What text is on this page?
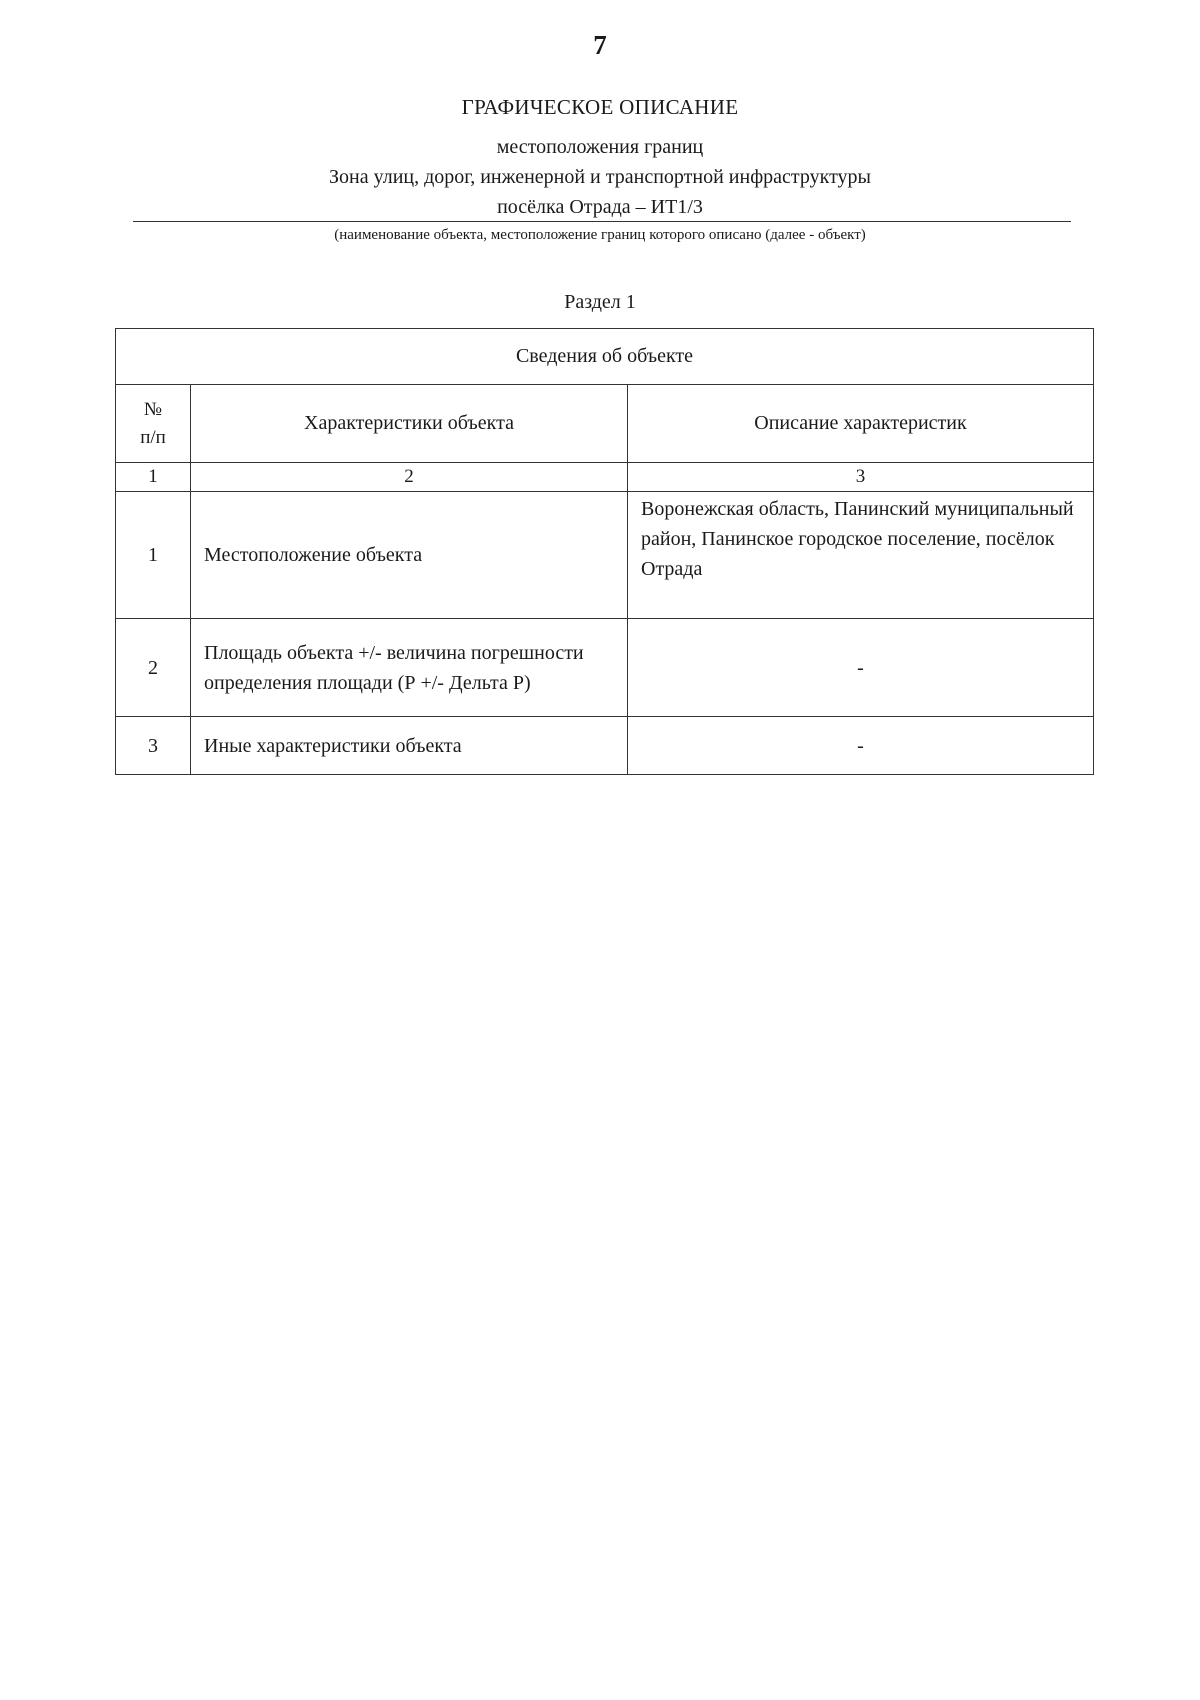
7
ГРАФИЧЕСКОЕ ОПИСАНИЕ
местоположения границ
Зона улиц, дорог, инженерной и транспортной инфраструктуры
посёлка Отрада – ИТ1/3
(наименование объекта, местоположение границ которого описано (далее - объект)
Раздел 1
Сведения об объекте		

№
п/п	Характеристики объекта	Описание характеристик
1	2	3
1	Местоположение объекта	Воронежская область, Панинский муниципальный район, Панинское городское поселение, посёлок Отрада
2	Площадь объекта +/- величина погрешности определения площади (Р +/- Дельта Р)	-
3	Иные характеристики объекта	-
